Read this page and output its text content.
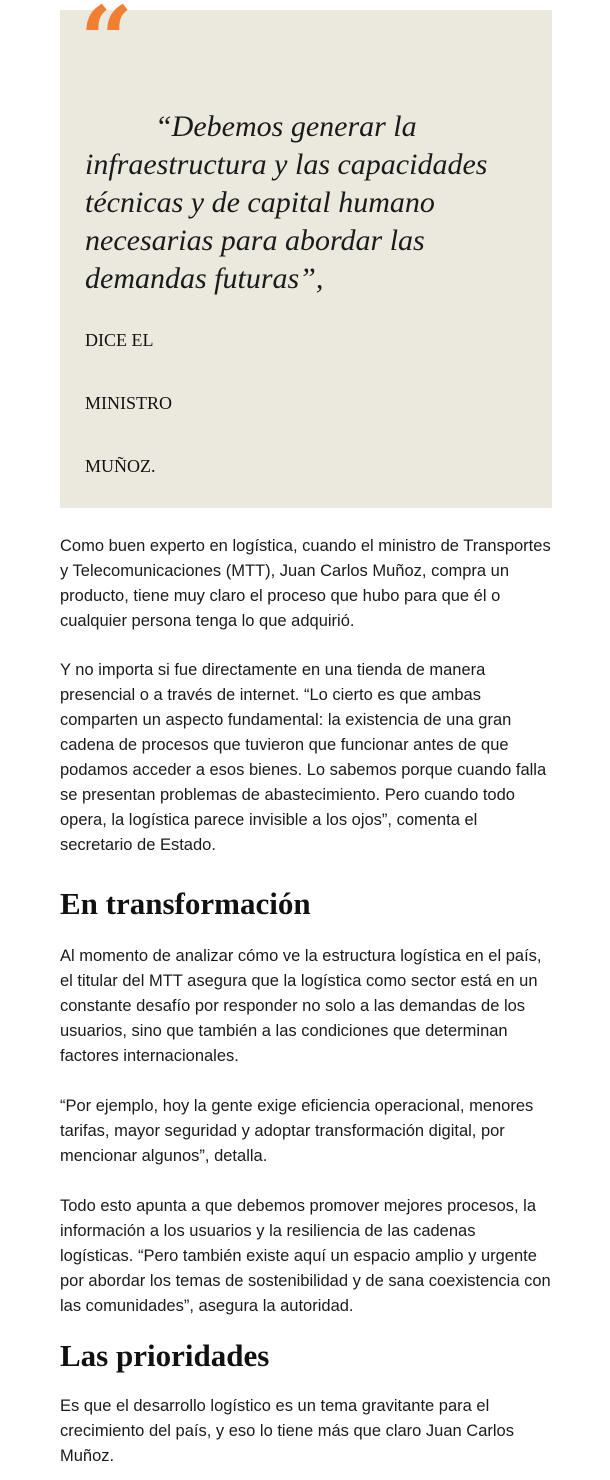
“

“Debemos generar la infraestructura y las capacidades técnicas y de capital humano necesarias para abordar las demandas futuras”,

DICE EL
MINISTRO
MUÑOZ.

Como buen experto en logística, cuando el ministro de Transportes y Telecomunicaciones (MTT), Juan Carlos Muñoz, compra un producto, tiene muy claro el proceso que hubo para que él o cualquier persona tenga lo que adquirió.

Y no importa si fue directamente en una tienda de manera presencial o a través de internet. “Lo cierto es que ambas comparten un aspecto fundamental: la existencia de una gran cadena de procesos que tuvieron que funcionar antes de que podamos acceder a esos bienes. Lo sabemos porque cuando falla se presentan problemas de abastecimiento. Pero cuando todo opera, la logística parece invisible a los ojos”, comenta el secretario de Estado.

En transformación

Al momento de analizar cómo ve la estructura logística en el país, el titular del MTT asegura que la logística como sector está en un constante desafío por responder no solo a las demandas de los usuarios, sino que también a las condiciones que determinan factores internacionales.

“Por ejemplo, hoy la gente exige eficiencia operacional, menores tarifas, mayor seguridad y adoptar transformación digital, por mencionar algunos”, detalla.

Todo esto apunta a que debemos promover mejores procesos, la información a los usuarios y la resiliencia de las cadenas logísticas. “Pero también existe aquí un espacio amplio y urgente por abordar los temas de sostenibilidad y de sana coexistencia con las comunidades”, asegura la autoridad.

Las prioridades

Es que el desarrollo logístico es un tema gravitante para el crecimiento del país, y eso lo tiene más que claro Juan Carlos Muñoz.
